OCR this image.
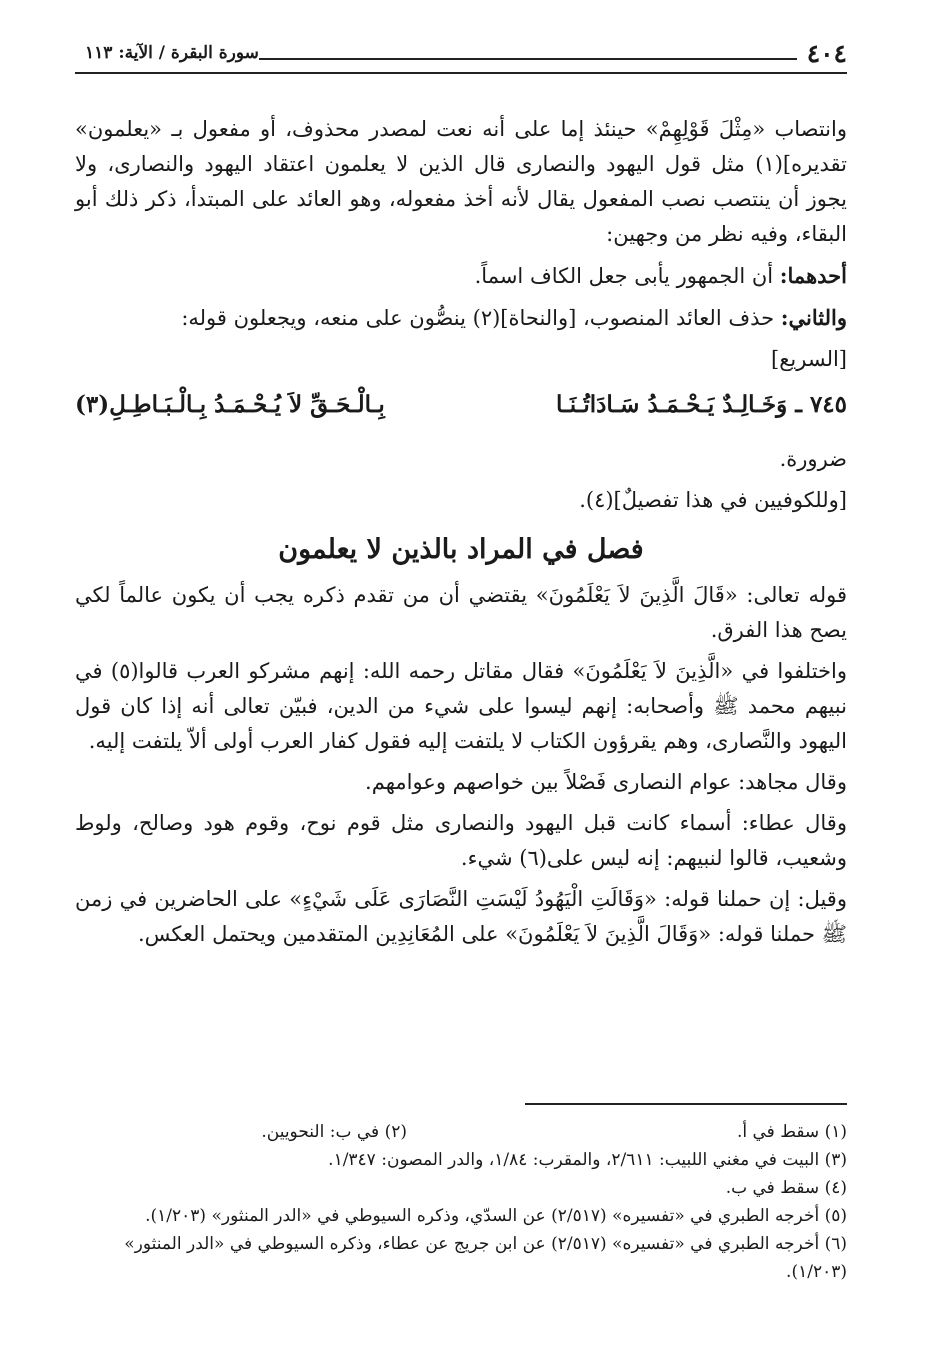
٤٠٤
سورة البقرة / الآية: ١١٣

وانتصاب «مِثْلَ قَوْلِهِمْ» حينئذ إما على أنه نعت لمصدر محذوف، أو مفعول بـ «يعلمون» تقديره](١) مثل قول اليهود والنصارى قال الذين لا يعلمون اعتقاد اليهود والنصارى، ولا يجوز أن ينتصب نصب المفعول يقال لأنه أخذ مفعوله، وهو العائد على المبتدأ، ذكر ذلك أبو البقاء، وفيه نظر من وجهين:

أحدهما: أن الجمهور يأبى جعل الكاف اسماً.

والثاني: حذف العائد المنصوب، [والنحاة](٢) ينصُّون على منعه، ويجعلون قوله:

[السريع]

٧٤٥ ـ وَخَـالِـدٌ يَـحْـمَـدُ سَـادَاتُـنَـا
بِـالْـحَـقِّ لاَ يُـحْـمَـدُ بِـالْـبَـاطِـلِ(٣)

ضرورة.

[وللكوفيين في هذا تفصيلٌ](٤).

فصل في المراد بالذين لا يعلمون

قوله تعالى: «قَالَ الَّذِينَ لاَ يَعْلَمُونَ» يقتضي أن من تقدم ذكره يجب أن يكون عالماً لكي يصح هذا الفرق.

واختلفوا في «الَّذِينَ لاَ يَعْلَمُونَ» فقال مقاتل رحمه الله: إنهم مشركو العرب قالوا(٥) في نبيهم محمد ﷺ وأصحابه: إنهم ليسوا على شيء من الدين، فبيّن تعالى أنه إذا كان قول اليهود والنَّصارى، وهم يقرؤون الكتاب لا يلتفت إليه فقول كفار العرب أولى ألاّ يلتفت إليه.

وقال مجاهد: عوام النصارى فَصْلاً بين خواصهم وعوامهم.

وقال عطاء: أسماء كانت قبل اليهود والنصارى مثل قوم نوح، وقوم هود وصالح، ولوط وشعيب، قالوا لنبيهم: إنه ليس على(٦) شيء.

وقيل: إن حملنا قوله: «وَقَالَتِ الْيَهُودُ لَيْسَتِ النَّصَارَى عَلَى شَيْءٍ» على الحاضرين في زمن ﷺ حملنا قوله: «وَقَالَ الَّذِينَ لاَ يَعْلَمُونَ» على المُعَانِدِين المتقدمين ويحتمل العكس.

(١) سقط في أ.
(٢) في ب: النحويين.
(٣) البيت في مغني اللبيب: ٢/٦١١، والمقرب: ١/٨٤، والدر المصون: ١/٣٤٧.
(٤) سقط في ب.
(٥) أخرجه الطبري في «تفسيره» (٢/٥١٧) عن السدّي، وذكره السيوطي في «الدر المنثور» (١/٢٠٣).
(٦) أخرجه الطبري في «تفسيره» (٢/٥١٧) عن ابن جريج عن عطاء، وذكره السيوطي في «الدر المنثور» (١/٢٠٣).
